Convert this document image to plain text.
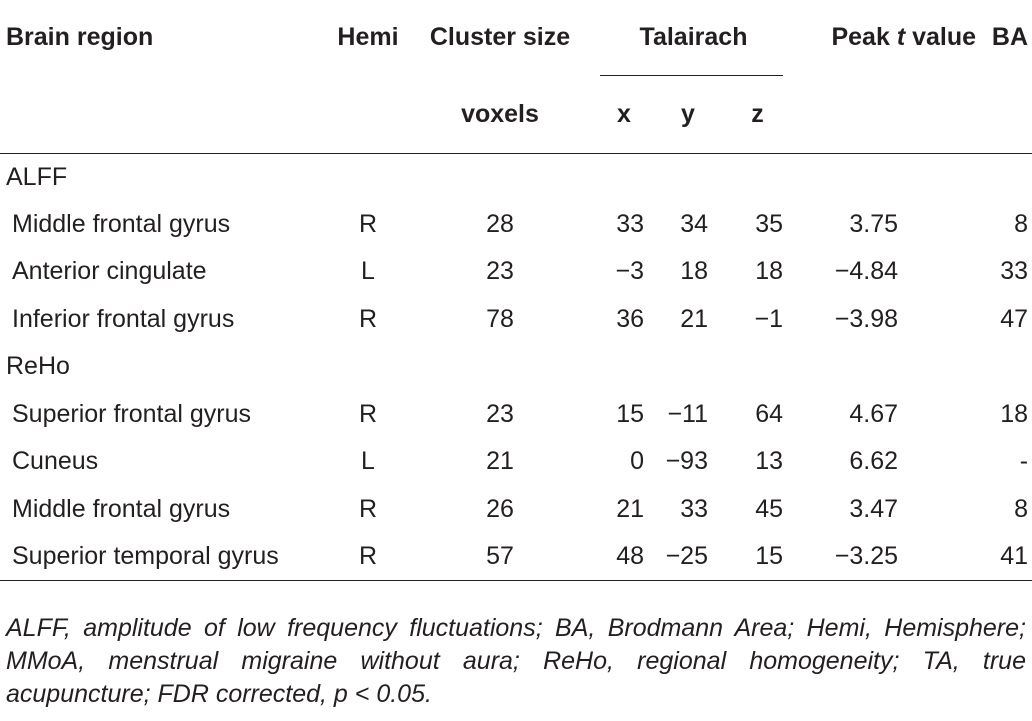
Brain region	Hemi	Cluster size	Talairach			Peak t value	BA
		voxels	x	y	z		
ALFF							
Middle frontal gyrus	R	28	33	34	35	3.75	8
Anterior cingulate	L	23	−3	18	18	−4.84	33
Inferior frontal gyrus	R	78	36	21	−1	−3.98	47
ReHo							
Superior frontal gyrus	R	23	15	−11	64	4.67	18
Cuneus	L	21	0	−93	13	6.62	-
Middle frontal gyrus	R	26	21	33	45	3.47	8
Superior temporal gyrus	R	57	48	−25	15	−3.25	41
ALFF, amplitude of low frequency fluctuations; BA, Brodmann Area; Hemi, Hemisphere; MMoA, menstrual migraine without aura; ReHo, regional homogeneity; TA, true acupuncture; FDR corrected, p < 0.05.
